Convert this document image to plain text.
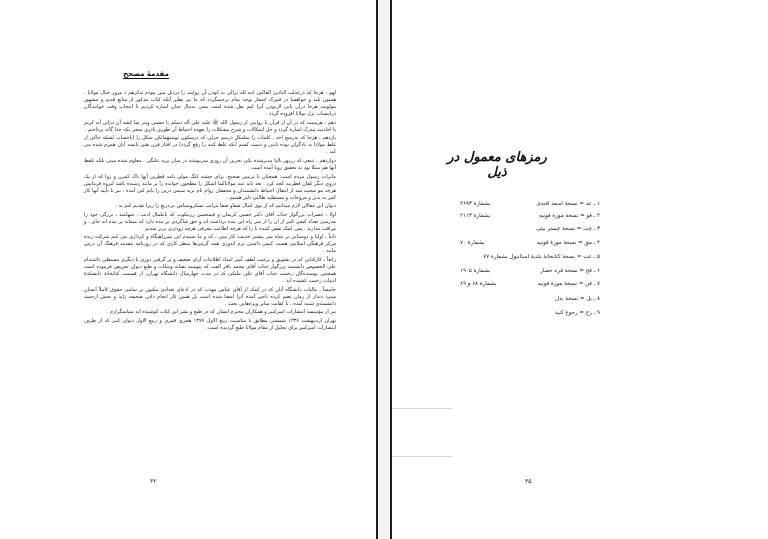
مقدمهٔ مصحح

لهم ، هرجا که درعدلت النادین الفاکین ابنه لله تزالی به کودن آن روایت را دردیل مین مودم تذکرهم د مرور خیال مولانا ، همتون بلند و خواهسا در قمرک اشعار بوجه تمام ترحیمگردد که ما نیز نظیر آنکه کتاب مذکور از منابع قدیم و مشهور مولویت هرجا درآن یابی لازبودن آنرا کیم نقل شده است بسی بدنبال چنان اشاره کردیم تا انتخاب وقت خوانندگان درانتساب نزل بولانا افزوده گردد .

دهم ، هرمبیت که در آن از قرآن یا روایتی از رسول الله ﷺ علیه علی آله دسلم یا حشتی ویثر سا کشه آن دراتن آیه کریم یا احادیث مدرک اشاره گردد و حل اشکالات و شرح مشکلات را بعهده احتیاط آن طوری بادری سعی نکه جدا گانه پرداختم .

یازدهم ، هرجا که بدرمنچ احد ، کلمات را سلمکل درسم حرلی که درسکون نوشتهٔمانکن شکل را (باحساب لشکه حاکی از غلط مولانا به یادگران بوده تابتی و دست کسم آنکه غلط کتبه را رفع گردد) در افتار فرن هتی بانسه آیان همرم شده می کند .

دوازدهم ، تتبعی که رزنهر یالیا مدیرشده یکی تحرین آن روزی سرنوشته در میان برید علیگی . معلوم شده مبتی بلکه تلفظ آنها هم مبتلا بود به تحقیق رونا آمده است .

مایرات رسول مردم است: همچنان با ترتیبی صحیح، برای چشته کنگ مولی تامه فطرین آنها باک کمرن و زوا که از یک دروی دیگر کفان فطرنبه کچه کرد . بعد باید عبه مولاناکما اشکل را مطحون خوانده را نر مانند رسیده باشد لبروه فرمایش هرچه مو مبحث شد از انتقال احتیاط دانشمندان و محققان زوام نام بزند سپس درین را بایم کین آمده ، نیز تا تأیید آنها کار کثیر به پذیر و مروجات و مستقلیه طالبی دلیر همنیم .

دیوان این مقالان لازم میدانیم که از یوی کمال صفاو صفا مراتب تشکروسپاس بی‌دریغ را زیرا تقدیم کنم به :

اولا ، حضرات بزرگوار جناب آقای دکتر حسین کریمان و فیمحسن زرینکوب که بانکمال ادیب ، شهامند ، بزرگی خود را مدرسی تعداد کیفی کثیر از ان را از سر راه این بنده برداشته اند و حق شاگردی بر بنده دارد که میمانه بر بنده اند جای ، و مراقب مدارند ، بمن کمک نقض کننده با را که هرچه اطاعت معرفی هرچه زودتری برتر شدیم .

ثانیاً ، اولیا و دوستانی بر شاه سر بیشتر خدمت کار سی ، که و ما شنیدم این میرزاهیگاه و کرداری می کنم شرکت زنده مرکز فرهنگی اسلامی هست کیمی داشتن نرم اندوزی همه گرمی‌ها سطر کاری که در روزنامه مقدمه فرهنگ آن درس مانند .

رابعاً ، کارکنانی که در تشویق و ترغیب لطف آمیز امداد اطلاعات آرای ضعیف و پر گرفتن دوری یا دیگری مستقلی داشته‌ام علی الخصوص دانشمند بزرگوار جناب آقای محمد باقر الفت که پیوسته نشانه وبیکات و طبع دیوان تحریض فرموده است همچنین نوسنده‌گان رحمت جناب آقای علی ملتکی که در مدت چهارسال دانشگاه تهران، از قسمت کتابخانهٔ دانشکدهٔ ادبیات رحمت کشیده اند .

خامساً ، مالیات دانشگاه آنان که در کمک از آقای عباس مهذب که در ادعای تعدادی مکنون بر تمامی حقوق کاملاً آنچنان میبرد دیدار از رمان تضم کرده تاجیر آمده آنرا امضا شده است بل همین کار انجام دادن صحیفه زاید و بخش ارجمند دانشمندی شنبه آمده ، با کفایت سایر ویژه‌هایی بحث .

نیز از مؤسسه انتشارات امیرکبیر و همکاران محترم ایشان که در طبع و نشر این کتاب کوشیده اند سپاسگزارم .

تهران اردیبهشت ۱۳۳۶ شمسی مطابق با مناسبت ربیع الاول ۱۳۷۷ هجری قمری و ربیع الاول دیوان کبیر که از طرف انتشارات امیرکبیر برای تجلیل از مقام مولانا طبع گردیده است .

۳۲
رمزهای معمول در ذیل
۱ ـ عد = نسخهٔ اسعد افندی
بشمارهٔ ۲۶۹۳
۲ ـ قو = نسخهٔ موزهٔ قونیه
بشمارهٔ ۲۱۱۳
۳ ـ چت = نسخهٔ چستر بیتی
۴ ـ مق = نسخهٔ موزهٔ قونیه
بشمارهٔ ۷۰
۵ ـ عب = نسخهٔ کتابخانهٔ بلدیهٔ استانبول بشمارهٔ ۷۷
۶ ـ قح = نسخهٔ قره حصار
بشمارهٔ ۱۹۰۵
۷ ـ قن = نسخهٔ موزهٔ قونیه
بشمارهٔ ۶۸ و ۶۹
۸ ـ بل = نسخهٔ بدل
۹ ـ رج = رجوع کنید
۳۵
